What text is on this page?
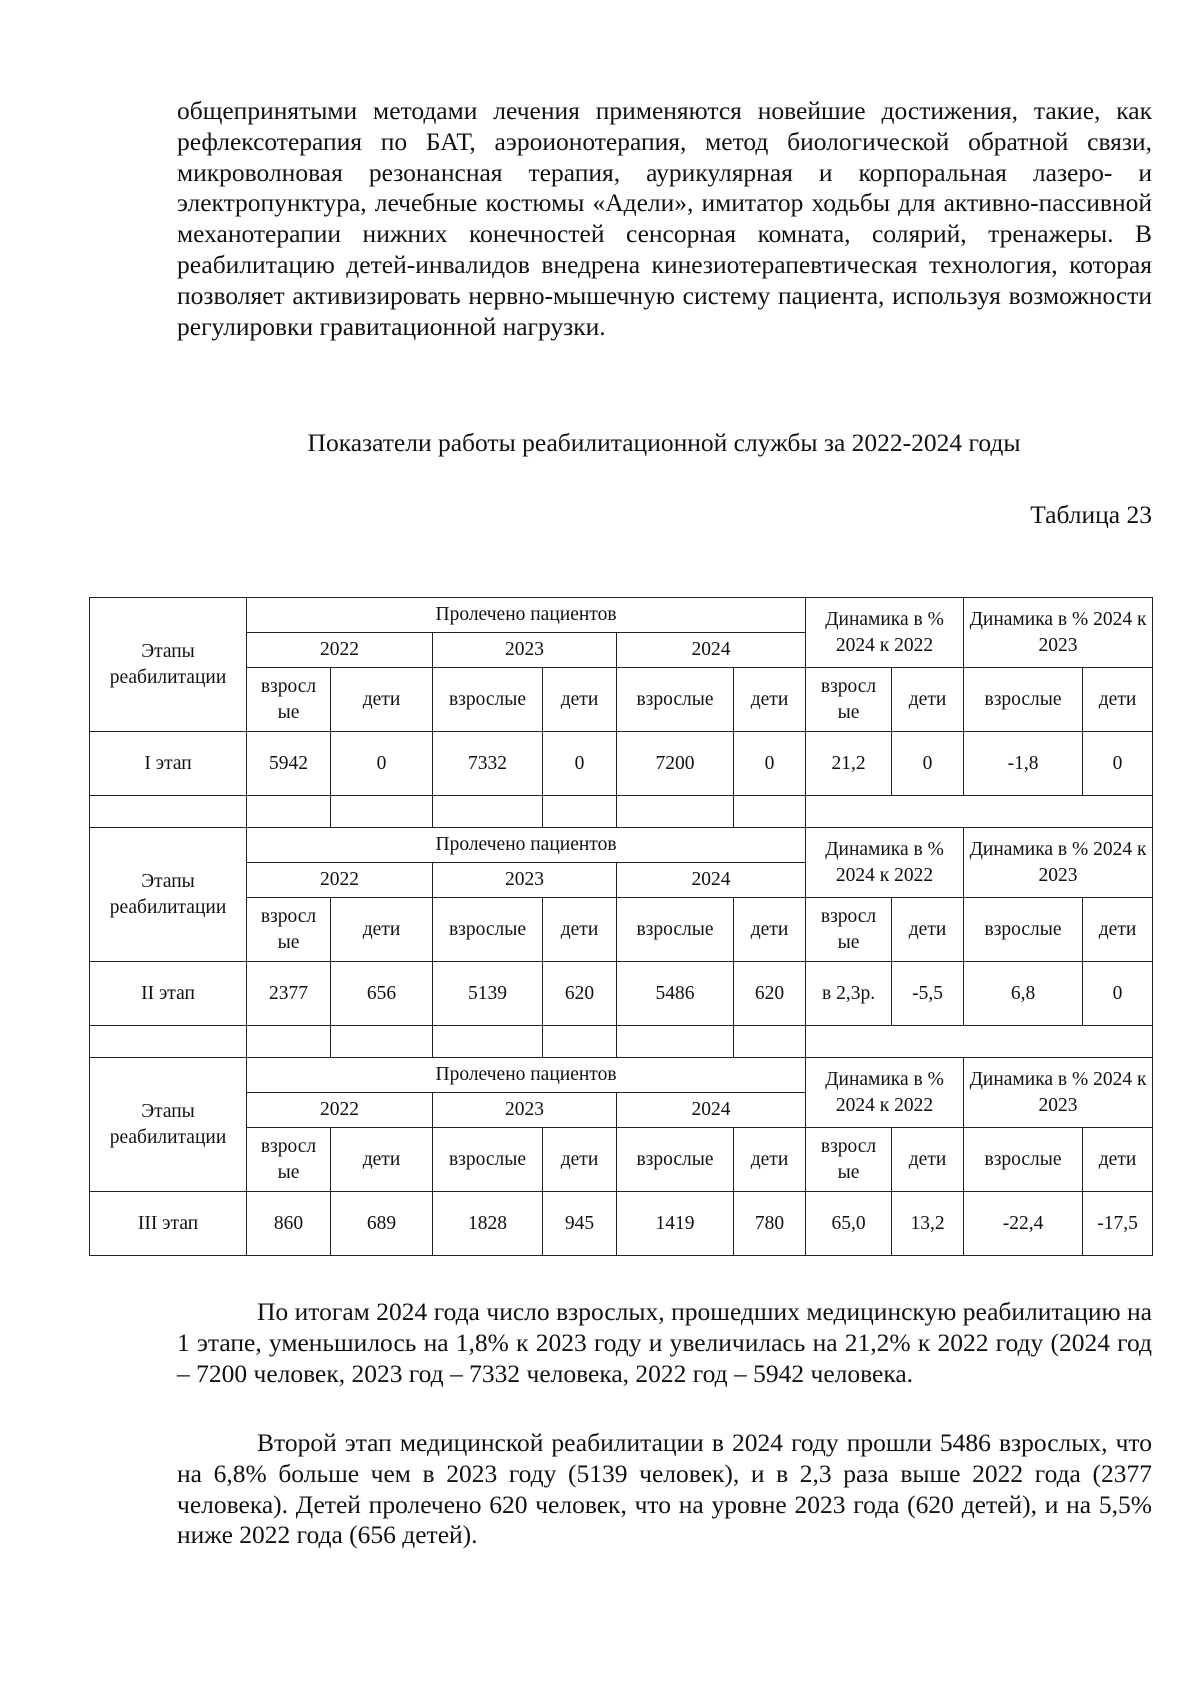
общепринятыми методами лечения применяются новейшие достижения, такие, как рефлексотерапия по БАТ, аэроионотерапия, метод биологической обратной связи, микроволновая резонансная терапия, аурикулярная и корпоральная лазеро- и электропунктура, лечебные костюмы «Адели», имитатор ходьбы для активно-пассивной механотерапии нижних конечностей сенсорная комната, солярий, тренажеры. В реабилитацию детей-инвалидов внедрена кинезиотерапевтическая технология, которая позволяет активизировать нервно-мышечную систему пациента, используя возможности регулировки гравитационной нагрузки.

Показатели работы реабилитационной службы за 2022-2024 годы
Таблица 23
Этапы реабилитации	Пролечено пациентов						Динамика в % 2024 к 2022		Динамика в % 2024 к 2023	
	2022		2023		2024					
	взросл ые	дети	взрослые	дети	взрослые	дети	взросл ые	дети	взрослые	дети
I этап	5942	0	7332	0	7200	0	21,2	0	-1,8	0

Этапы реабилитации	Пролечено пациентов						Динамика в % 2024 к 2022		Динамика в % 2024 к 2023	
	2022		2023		2024					
	взросл ые	дети	взрослые	дети	взрослые	дети	взросл ые	дети	взрослые	дети
II этап	2377	656	5139	620	5486	620	в 2,3р.	-5,5	6,8	0

Этапы реабилитации	Пролечено пациентов						Динамика в % 2024 к 2022		Динамика в % 2024 к 2023	
	2022		2023		2024					
	взросл ые	дети	взрослые	дети	взрослые	дети	взросл ые	дети	взрослые	дети
III этап	860	689	1828	945	1419	780	65,0	13,2	-22,4	-17,5

По итогам 2024 года число взрослых, прошедших медицинскую реабилитацию на 1 этапе, уменьшилось на 1,8% к 2023 году и увеличилась на 21,2% к 2022 году (2024 год – 7200 человек, 2023 год – 7332 человека, 2022 год – 5942 человека.

Второй этап медицинской реабилитации в 2024 году прошли 5486 взрослых, что на 6,8% больше чем в 2023 году (5139 человек), и в 2,3 раза выше 2022 года (2377 человека). Детей пролечено 620 человек, что на уровне 2023 года (620 детей), и на 5,5% ниже 2022 года (656 детей).
